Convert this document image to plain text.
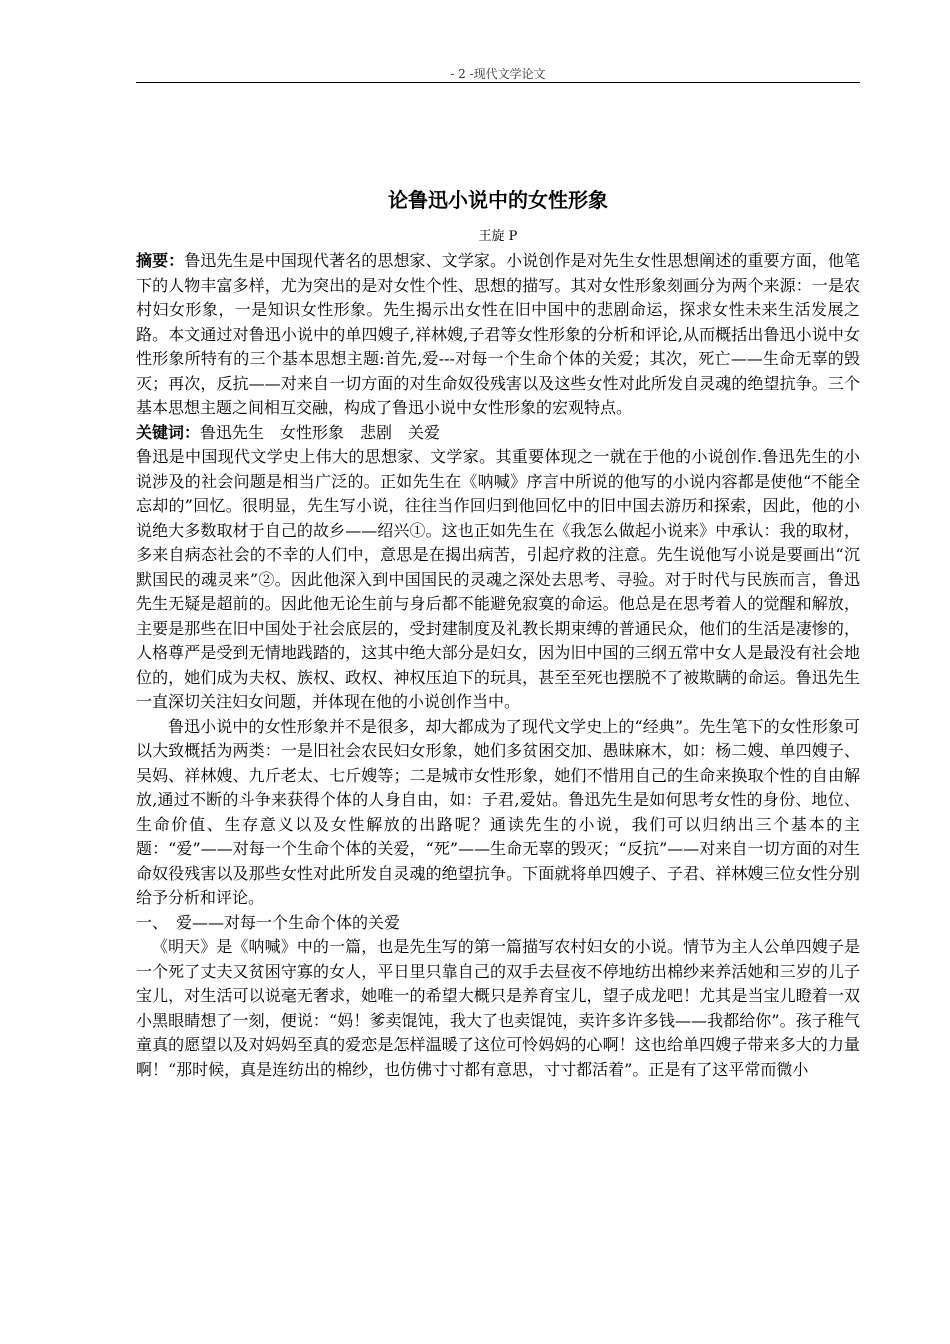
- 2 -现代文学论文
论鲁迅小说中的女性形象
王旋 P

摘要：鲁迅先生是中国现代著名的思想家、文学家。小说创作是对先生女性思想阐述的重要方面，他笔下的人物丰富多样，尤为突出的是对女性个性、思想的描写。其对女性形象刻画分为两个来源：一是农村妇女形象，一是知识女性形象。先生揭示出女性在旧中国中的悲剧命运，探求女性未来生活发展之路。本文通过对鲁迅小说中的单四嫂子,祥林嫂,子君等女性形象的分析和评论,从而概括出鲁迅小说中女性形象所特有的三个基本思想主题:首先,爱---对每一个生命个体的关爱；其次，死亡——生命无辜的毁灭；再次，反抗——对来自一切方面的对生命奴役残害以及这些女性对此所发自灵魂的绝望抗争。三个基本思想主题之间相互交融，构成了鲁迅小说中女性形象的宏观特点。

关键词：鲁迅先生　女性形象　悲剧　关爱

鲁迅是中国现代文学史上伟大的思想家、文学家。其重要体现之一就在于他的小说创作.鲁迅先生的小说涉及的社会问题是相当广泛的。正如先生在《呐喊》序言中所说的他写的小说内容都是使他“不能全忘却的”回忆。很明显，先生写小说，往往当作回归到他回忆中的旧中国去游历和探索，因此，他的小说绝大多数取材于自己的故乡——绍兴①。这也正如先生在《我怎么做起小说来》中承认：我的取材，多来自病态社会的不幸的人们中，意思是在揭出病苦，引起疗救的注意。先生说他写小说是要画出“沉默国民的魂灵来”②。因此他深入到中国国民的灵魂之深处去思考、寻验。对于时代与民族而言，鲁迅先生无疑是超前的。因此他无论生前与身后都不能避免寂寞的命运。他总是在思考着人的觉醒和解放，主要是那些在旧中国处于社会底层的，受封建制度及礼教长期束缚的普通民众，他们的生活是凄惨的，人格尊严是受到无情地践踏的，这其中绝大部分是妇女，因为旧中国的三纲五常中女人是最没有社会地位的，她们成为夫权、族权、政权、神权压迫下的玩具，甚至至死也摆脱不了被欺瞒的命运。鲁迅先生一直深切关注妇女问题，并体现在他的小说创作当中。

鲁迅小说中的女性形象并不是很多，却大都成为了现代文学史上的“经典”。先生笔下的女性形象可以大致概括为两类：一是旧社会农民妇女形象，她们多贫困交加、愚昧麻木，如：杨二嫂、单四嫂子、吴妈、祥林嫂、九斤老太、七斤嫂等；二是城市女性形象，她们不惜用自己的生命来换取个性的自由解放,通过不断的斗争来获得个体的人身自由，如：子君,爱姑。鲁迅先生是如何思考女性的身份、地位、生命价值、生存意义以及女性解放的出路呢？通读先生的小说，我们可以归纳出三个基本的主题：“爱”——对每一个生命个体的关爱，“死”——生命无辜的毁灭；“反抗”——对来自一切方面的对生命奴役残害以及那些女性对此所发自灵魂的绝望抗争。下面就将单四嫂子、子君、祥林嫂三位女性分别给予分析和评论。

一、　爱——对每一个生命个体的关爱

《明天》是《呐喊》中的一篇，也是先生写的第一篇描写农村妇女的小说。情节为主人公单四嫂子是一个死了丈夫又贫困守寡的女人，平日里只靠自己的双手去昼夜不停地纺出棉纱来养活她和三岁的儿子宝儿，对生活可以说毫无奢求，她唯一的希望大概只是养育宝儿，望子成龙吧！尤其是当宝儿瞪着一双小黑眼睛想了一刻，便说：“妈！爹卖馄饨，我大了也卖馄饨，卖许多许多钱——我都给你”。孩子稚气童真的愿望以及对妈妈至真的爱恋是怎样温暖了这位可怜妈妈的心啊！这也给单四嫂子带来多大的力量啊！“那时候，真是连纺出的棉纱，也仿佛寸寸都有意思，寸寸都活着”。正是有了这平常而微小
